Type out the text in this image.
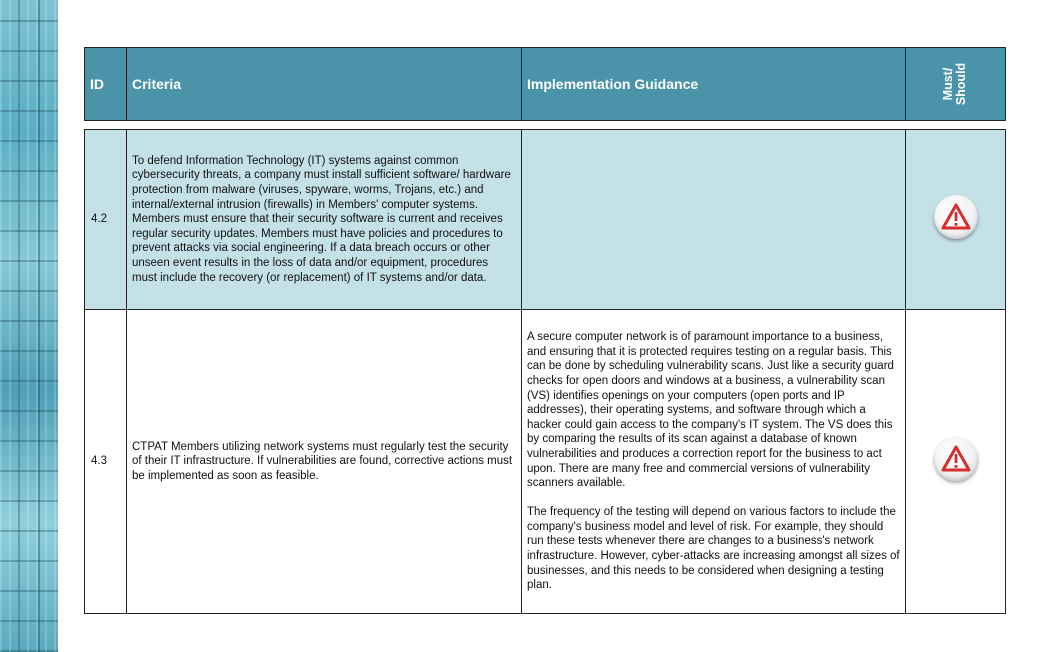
ID	Criteria	Implementation Guidance	Must/
Should

4.2	To defend Information Technology (IT) systems against common cybersecurity threats, a company must install sufficient software/ hardware protection from malware (viruses, spyware, worms, Trojans, etc.) and internal/external intrusion (firewalls) in Members' computer systems. Members must ensure that their security software is current and receives regular security updates. Members must have policies and procedures to prevent attacks via social engineering. If a data breach occurs or other unseen event results in the loss of data and/or equipment, procedures must include the recovery (or replacement) of IT systems and/or data.		

4.3	CTPAT Members utilizing network systems must regularly test the security of their IT infrastructure. If vulnerabilities are found, corrective actions must be implemented as soon as feasible.	A secure computer network is of paramount importance to a business, and ensuring that it is protected requires testing on a regular basis. This can be done by scheduling vulnerability scans. Just like a security guard checks for open doors and windows at a business, a vulnerability scan (VS) identifies openings on your computers (open ports and IP addresses), their operating systems, and software through which a hacker could gain access to the company's IT system. The VS does this by comparing the results of its scan against a database of known vulnerabilities and produces a correction report for the business to act upon. There are many free and commercial versions of vulnerability scanners available.

The frequency of the testing will depend on various factors to include the company's business model and level of risk. For example, they should run these tests whenever there are changes to a business's network infrastructure. However, cyber-attacks are increasing amongst all sizes of businesses, and this needs to be considered when designing a testing plan.
